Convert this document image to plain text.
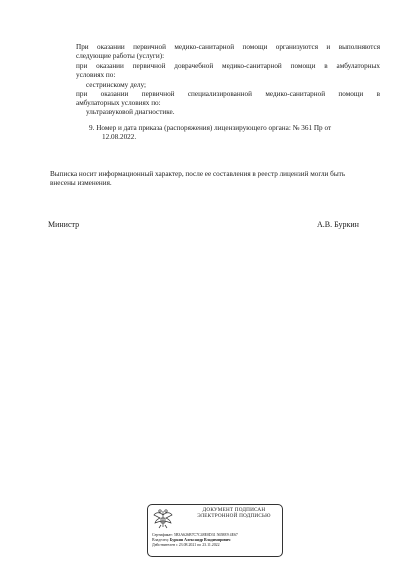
При оказании первичной медико-санитарной помощи организуются и выполняются
следующие работы (услуги):
при оказании первичной доврачебной медико-санитарной помощи в амбулаторных
условиях по:
сестринскому делу;
при оказании первичной специализированной медико-санитарной помощи в
амбулаторных условиях по:
ультразвуковой диагностике.
9. Номер и дата приказа (распоряжения) лицензирующего органа: № 361 Пр от
12.08.2022.
Выписка носит информационный характер, после ее составления в реестр лицензий могли быть
внесены изменения.
Министр	А.В. Буркин
ДОКУМЕНТ ПОДПИСАН
ЭЛЕКТРОННОЙ ПОДПИСЬЮ
Сертификат: 5B3A626B7C7C48E0D31 5658E9 4E67
Владелец: Буркин Александр Владимирович
Действителен с 23.08.2021 по 23.11.2022
